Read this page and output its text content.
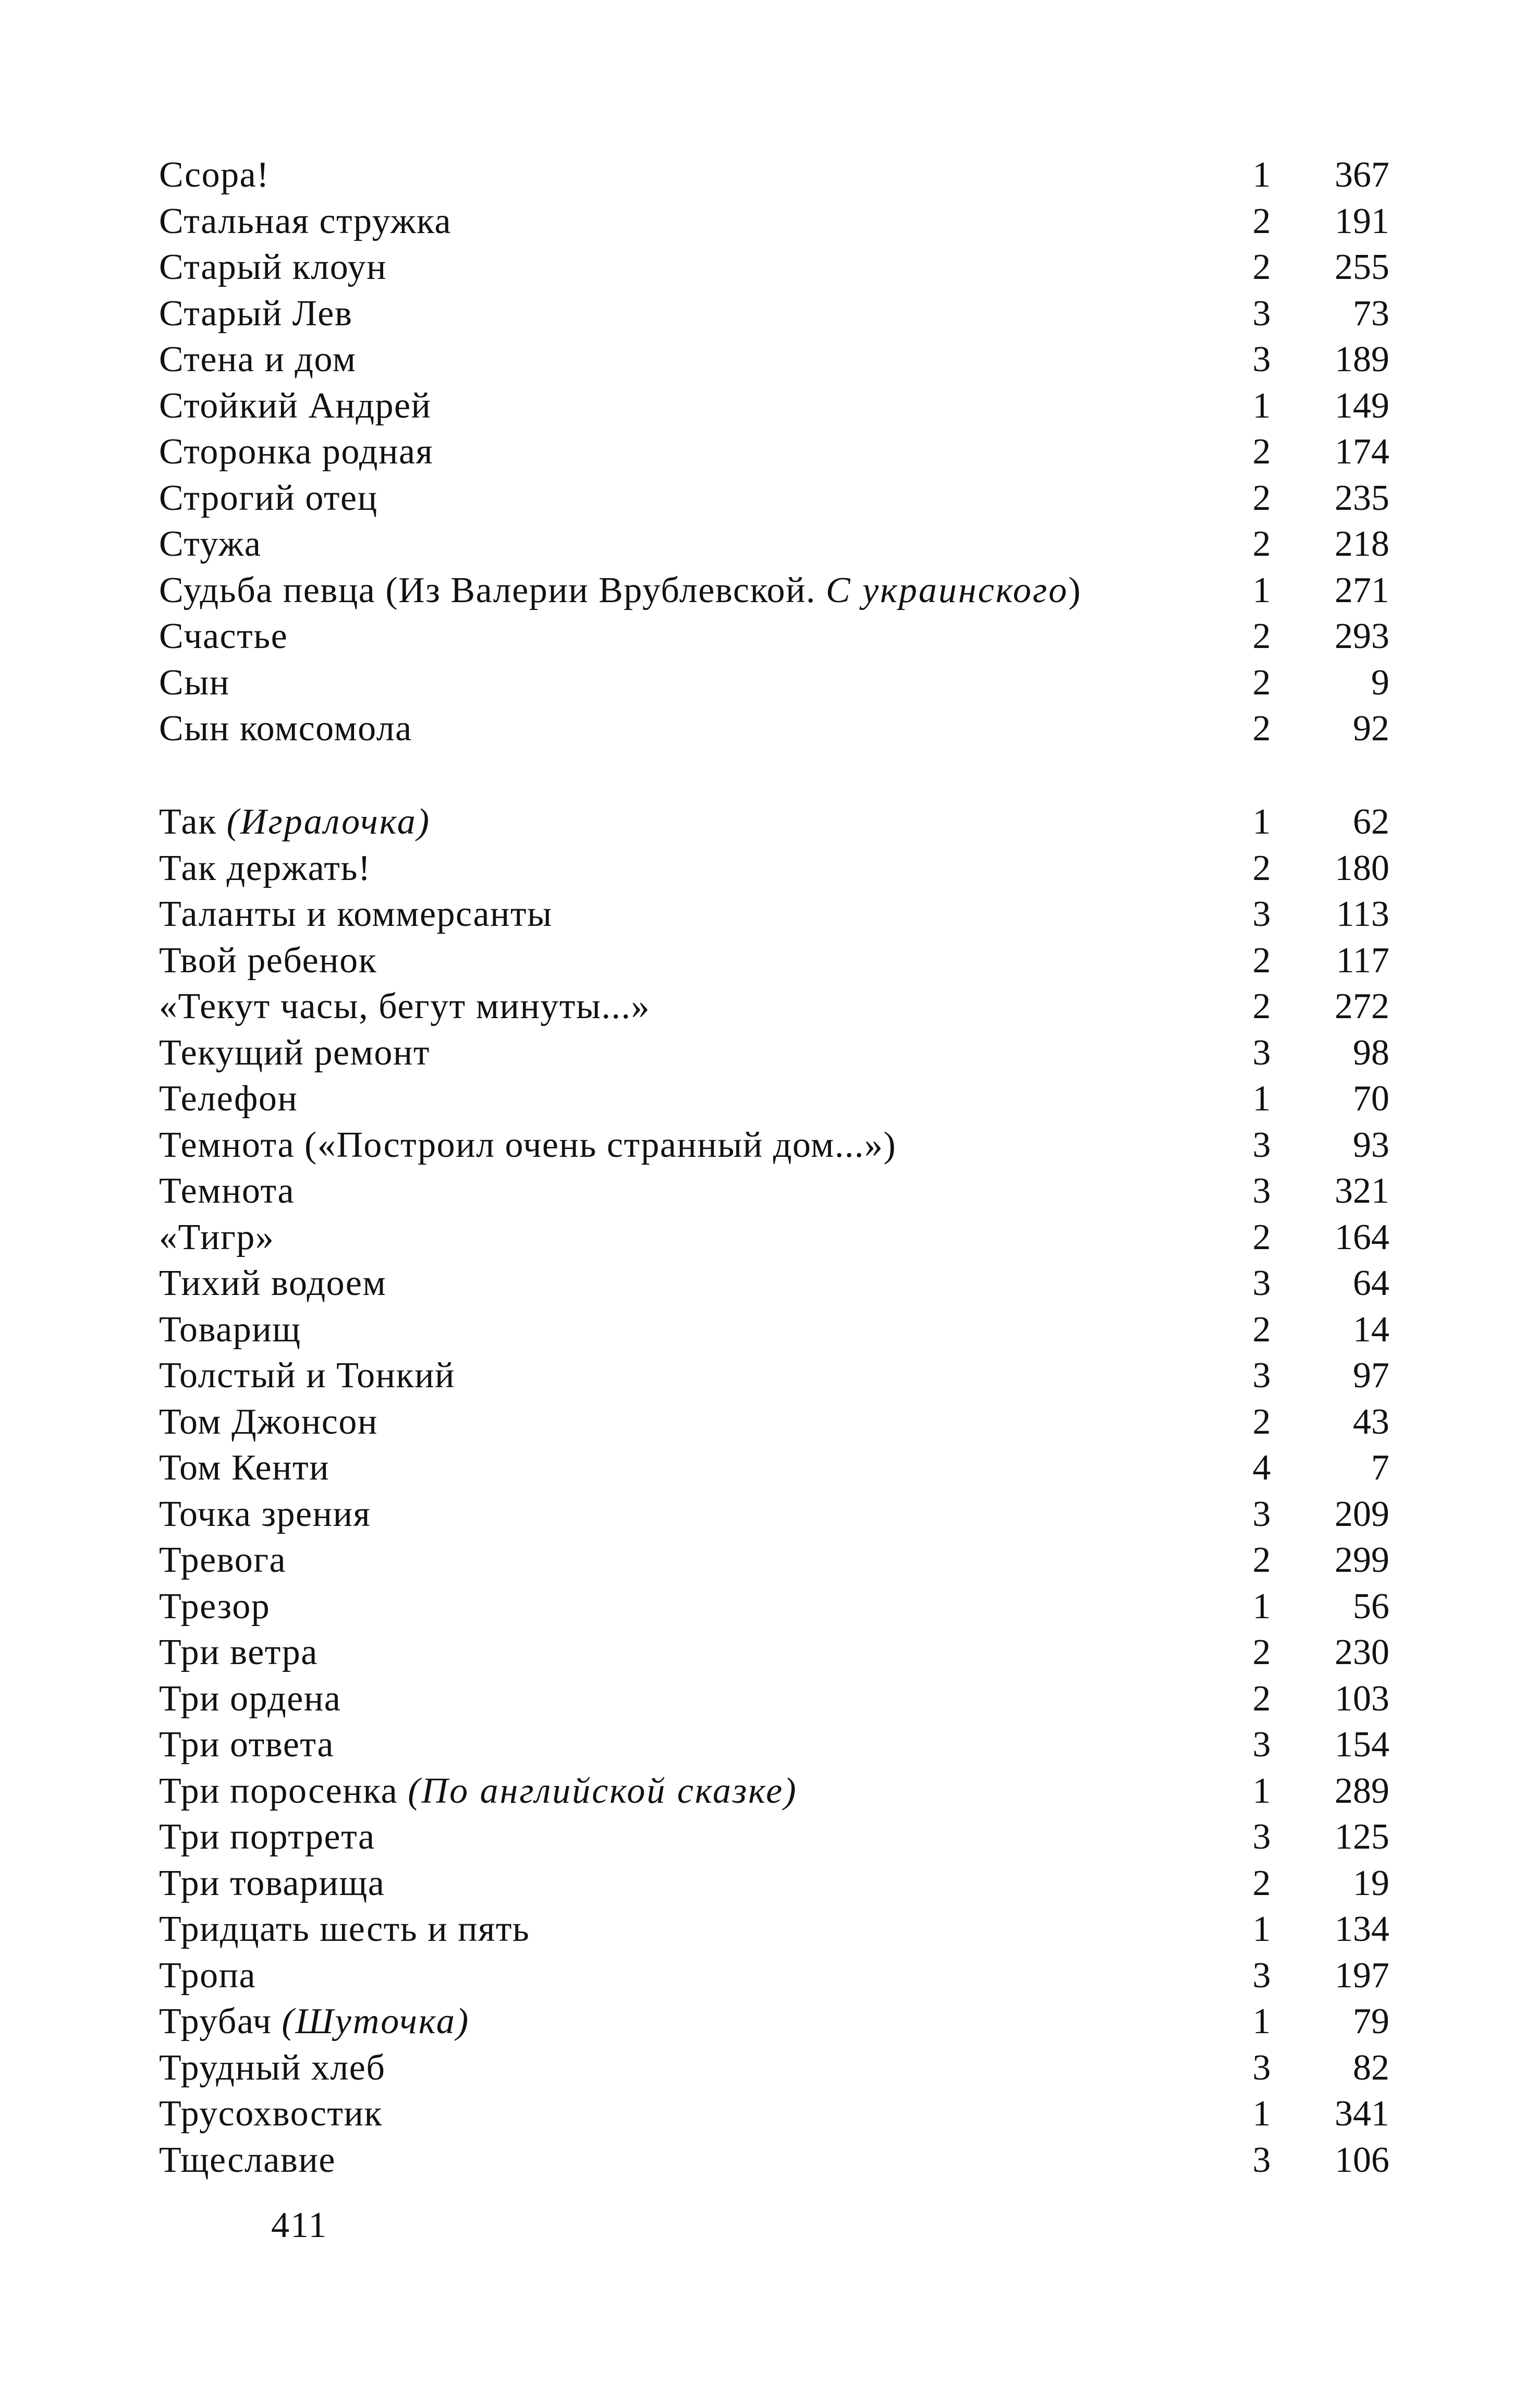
Ссора!	1	367
Стальная стружка	2	191
Старый клоун	2	255
Старый Лев	3	73
Стена и дом	3	189
Стойкий Андрей	1	149
Сторонка родная	2	174
Строгий отец	2	235
Стужа	2	218
Судьба певца (Из Валерии Врублевской. С украинского)	1	271
Счастье	2	293
Сын	2	9
Сын комсомола	2	92
Так (Игралочка)	1	62
Так держать!	2	180
Таланты и коммерсанты	3	113
Твой ребенок	2	117
«Текут часы, бегут минуты...»	2	272
Текущий ремонт	3	98
Телефон	1	70
Темнота («Построил очень странный дом...»)	3	93
Темнота	3	321
«Тигр»	2	164
Тихий водоем	3	64
Товарищ	2	14
Толстый и Тонкий	3	97
Том Джонсон	2	43
Том Кенти	4	7
Точка зрения	3	209
Тревога	2	299
Трезор	1	56
Три ветра	2	230
Три ордена	2	103
Три ответа	3	154
Три поросенка (По английской сказке)	1	289
Три портрета	3	125
Три товарища	2	19
Тридцать шесть и пять	1	134
Тропа	3	197
Трубач (Шуточка)	1	79
Трудный хлеб	3	82
Трусохвостик	1	341
Тщеславие	3	106
411
